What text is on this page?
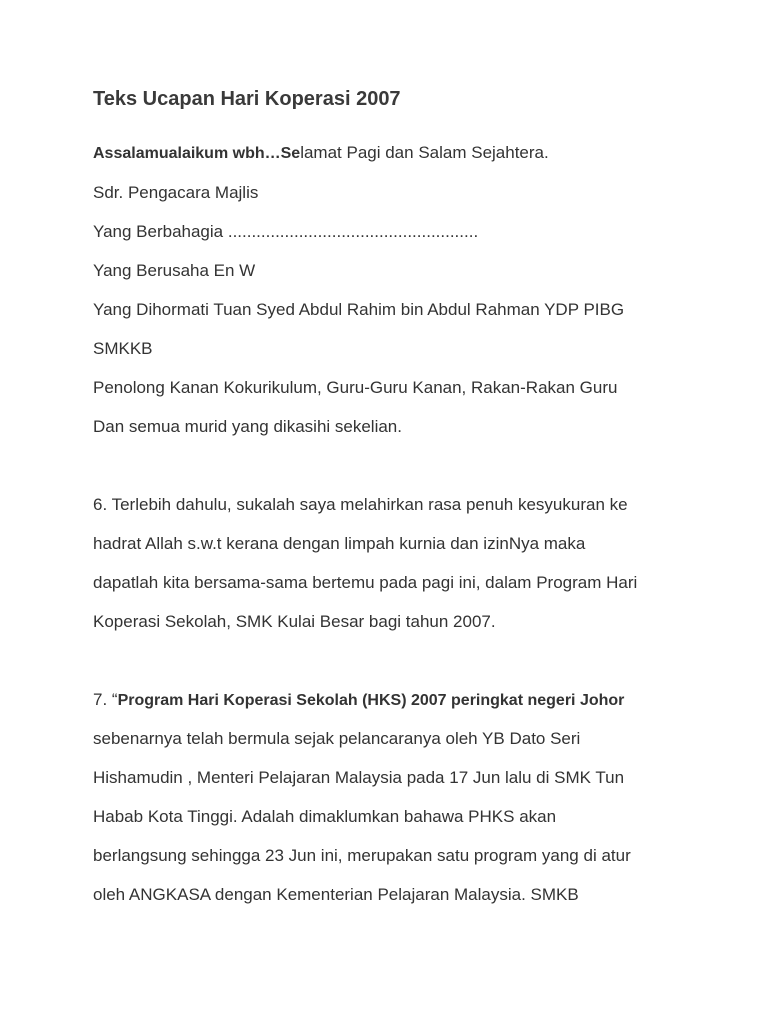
Teks Ucapan Hari Koperasi 2007
Assalamualaikum wbh…Selamat Pagi dan Salam Sejahtera.
Sdr. Pengacara Majlis
Yang Berbahagia .....................................................
Yang Berusaha En W
Yang Dihormati Tuan Syed Abdul Rahim bin Abdul Rahman YDP PIBG
SMKKB
Penolong Kanan Kokurikulum, Guru-Guru Kanan, Rakan-Rakan Guru
Dan semua murid yang dikasihi sekelian.
6. Terlebih dahulu, sukalah saya melahirkan rasa penuh kesyukuran ke
hadrat Allah s.w.t kerana dengan limpah kurnia dan izinNya maka
dapatlah kita bersama-sama bertemu pada pagi ini, dalam Program Hari
Koperasi Sekolah, SMK Kulai Besar bagi tahun 2007.
7. “Program Hari Koperasi Sekolah (HKS) 2007 peringkat negeri Johor
sebenarnya telah bermula sejak pelancaranya oleh YB Dato Seri
Hishamudin , Menteri Pelajaran Malaysia pada 17 Jun lalu di SMK Tun
Habab Kota Tinggi. Adalah dimaklumkan bahawa PHKS akan
berlangsung sehingga 23 Jun ini, merupakan satu program yang di atur
oleh ANGKASA dengan Kementerian Pelajaran Malaysia. SMKB
